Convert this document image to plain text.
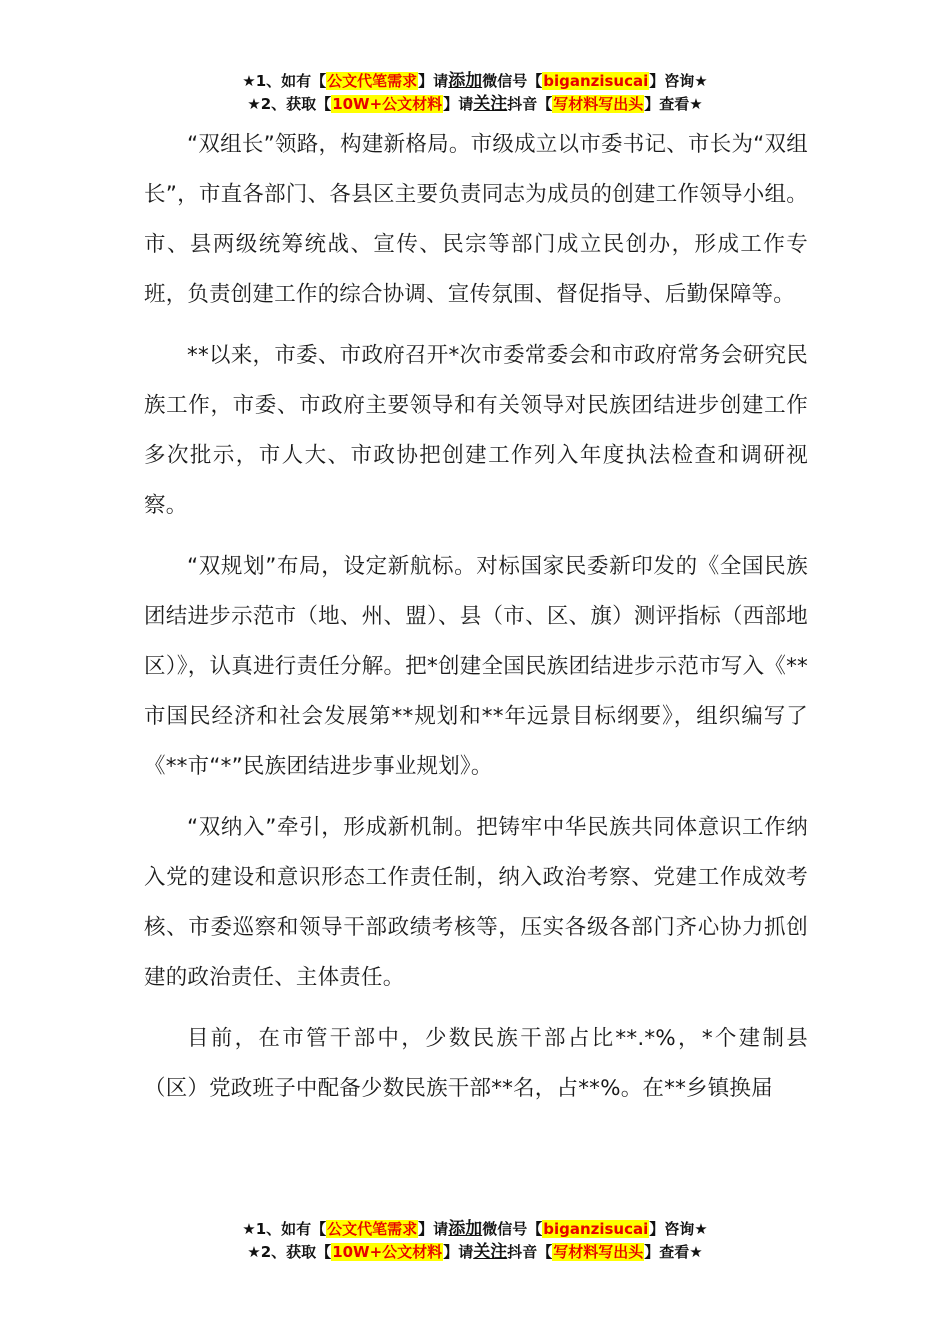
★1、如有【公文代笔需求】请添加微信号【biganzisucai】咨询★
★2、获取【10W+公文材料】请关注抖音【写材料写出头】查看★

“双组长”领路，构建新格局。市级成立以市委书记、市长为“双组长”，市直各部门、各县区主要负责同志为成员的创建工作领导小组。市、县两级统筹统战、宣传、民宗等部门成立民创办，形成工作专班，负责创建工作的综合协调、宣传氛围、督促指导、后勤保障等。

**以来，市委、市政府召开*次市委常委会和市政府常务会研究民族工作，市委、市政府主要领导和有关领导对民族团结进步创建工作多次批示，市人大、市政协把创建工作列入年度执法检查和调研视察。

“双规划”布局，设定新航标。对标国家民委新印发的《全国民族团结进步示范市（地、州、盟）、县（市、区、旗）测评指标（西部地区）》，认真进行责任分解。把*创建全国民族团结进步示范市写入《**市国民经济和社会发展第**规划和**年远景目标纲要》，组织编写了《**市“*”民族团结进步事业规划》。

“双纳入”牵引，形成新机制。把铸牢中华民族共同体意识工作纳入党的建设和意识形态工作责任制，纳入政治考察、党建工作成效考核、市委巡察和领导干部政绩考核等，压实各级各部门齐心协力抓创建的政治责任、主体责任。

目前，在市管干部中，少数民族干部占比**.*%，*个建制县（区）党政班子中配备少数民族干部**名，占**%。在**乡镇换届

★1、如有【公文代笔需求】请添加微信号【biganzisucai】咨询★
★2、获取【10W+公文材料】请关注抖音【写材料写出头】查看★
